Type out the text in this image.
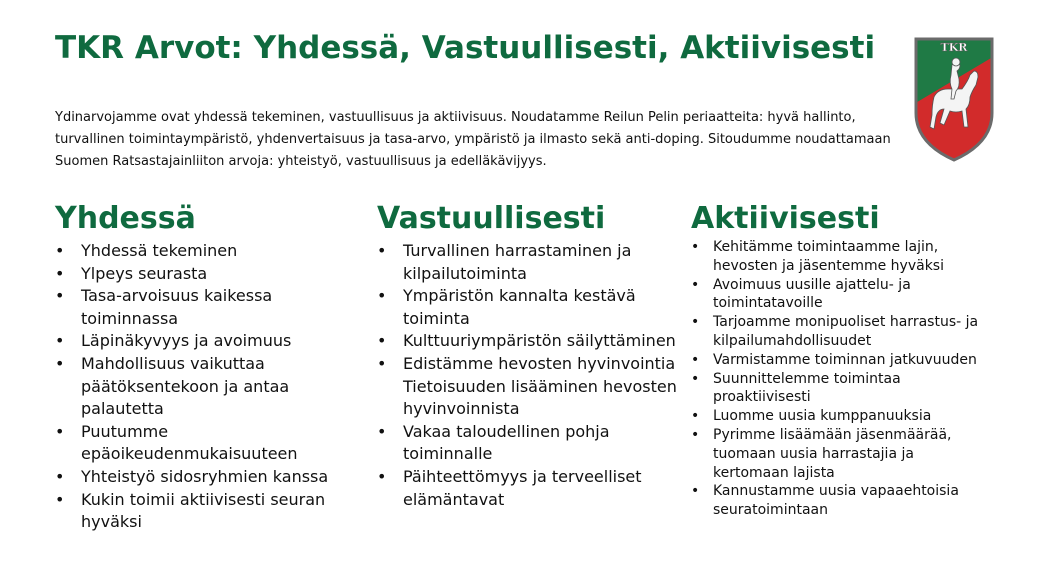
TKR Arvot: Yhdessä, Vastuullisesti, Aktiivisesti
Ydinarvojamme ovat yhdessä tekeminen, vastuullisuus ja aktiivisuus. Noudatamme Reilun Pelin periaatteita: hyvä hallinto, turvallinen toimintaympäristö, yhdenvertaisuus ja tasa-arvo, ympäristö ja ilmasto sekä anti-doping. Sitoudumme noudattamaan Suomen Ratsastajainliiton arvoja: yhteistyö, vastuullisuus ja edelläkävijyys.
TKR
Yhdessä
• Yhdessä tekeminen
• Ylpeys seurasta
• Tasa-arvoisuus kaikessa toiminnassa
• Läpinäkyvyys ja avoimuus
• Mahdollisuus vaikuttaa päätöksentekoon ja antaa palautetta
• Puutumme epäoikeudenmukaisuuteen
• Yhteistyö sidosryhmien kanssa
• Kukin toimii aktiivisesti seuran hyväksi
Vastuullisesti
• Turvallinen harrastaminen ja kilpailutoiminta
• Ympäristön kannalta kestävä toiminta
• Kulttuuriympäristön säilyttäminen
• Edistämme hevosten hyvinvointia Tietoisuuden lisääminen hevosten hyvinvoinnista
• Vakaa taloudellinen pohja toiminnalle
• Päihteettömyys ja terveelliset elämäntavat
Aktiivisesti
• Kehitämme toimintaamme lajin, hevosten ja jäsentemme hyväksi
• Avoimuus uusille ajattelu- ja toimintatavoille
• Tarjoamme monipuoliset harrastus- ja kilpailumahdollisuudet
• Varmistamme toiminnan jatkuvuuden
• Suunnittelemme toimintaa proaktiivisesti
• Luomme uusia kumppanuuksia
• Pyrimme lisäämään jäsenmäärää, tuomaan uusia harrastajia ja kertomaan lajista
• Kannustamme uusia vapaaehtoisia seuratoimintaan
